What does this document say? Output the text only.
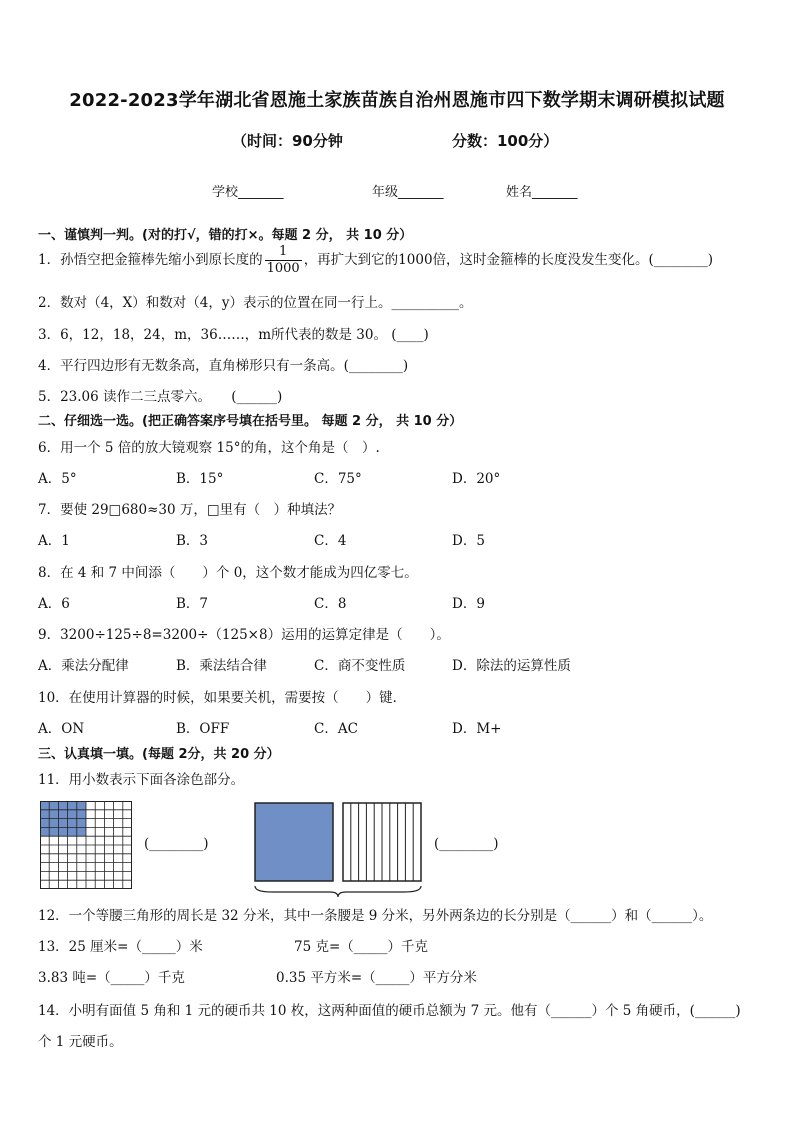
2022-2023学年湖北省恩施土家族苗族自治州恩施市四下数学期末调研模拟试题
（时间：90分钟	分数：100分）
学校_______	年级_______	姓名_______
一、谨慎判一判。(对的打√，错的打×。每题 2 分， 共 10 分）
1．孙悟空把金箍棒先缩小到原长度的 $\frac{1}{1000}$ ，再扩大到它的1000倍，这时金箍棒的长度没发生变化。(________)
2．数对（4，X）和数对（4，y）表示的位置在同一行上。__________。
3．6，12，18，24，m，36……，m所代表的数是 30。 (____)
4．平行四边形有无数条高，直角梯形只有一条高。(________)
5．23.06 读作二三点零六。　　(______)
二、仔细选一选。(把正确答案序号填在括号里。 每题 2 分， 共 10 分）
6．用一个 5 倍的放大镜观察 15°的角，这个角是（　）.
A．5°	B．15°	C．75°	D．20°
7．要使 29□680≈30 万，□里有（　）种填法？
A．1	B．3	C．4	D．5
8．在 4 和 7 中间添（　　）个 0，这个数才能成为四亿零七。
A．6	B．7	C．8	D．9
9．3200÷125÷8=3200÷（125×8）运用的运算定律是（　　）。
A．乘法分配律	B．乘法结合律	C．商不变性质	D．除法的运算性质
10．在使用计算器的时候，如果要关机，需要按（　　）键．
A．ON	B．OFF	C．AC	D．M+
三、认真填一填。(每题 2分，共 20 分）
11．用小数表示下面各涂色部分。
(________)	(________)
12．一个等腰三角形的周长是 32 分米，其中一条腰是 9 分米，另外两条边的长分别是（______）和（______）。
13．25 厘米=（_____）米	75 克=（_____）千克
3.83 吨=（_____）千克	0.35 平方米=（_____）平方分米
14．小明有面值 5 角和 1 元的硬币共 10 枚，这两种面值的硬币总额为 7 元。他有（______）个 5 角硬币，(______)
个 1 元硬币。
